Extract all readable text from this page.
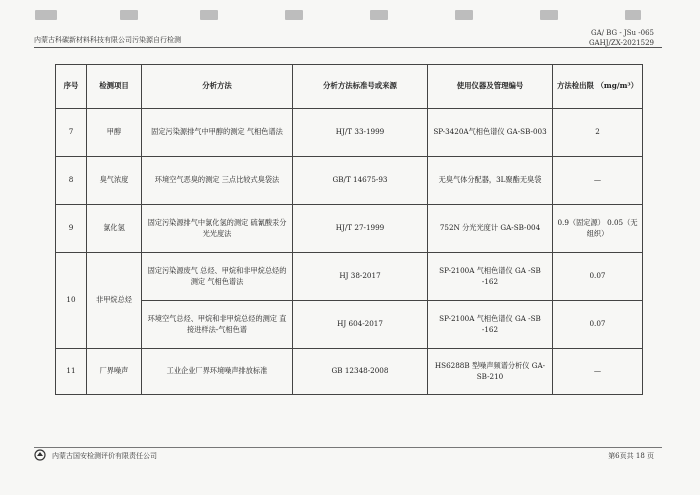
内蒙古科碳新材料科技有限公司污染源自行检测
GA/ BG - JSu -065
GAHJ/ZX-2021529
序号	检测项目	分析方法	分析方法标准号或来源	使用仪器及管理编号	方法检出限 （mg/m³）
7	甲醇	固定污染源排气中甲醇的测定 气相色谱法	HJ/T 33-1999	SP-3420A气相色谱仪 GA-SB-003	2
8	臭气浓度	环境空气恶臭的测定 三点比较式臭袋法	GB/T 14675-93	无臭气体分配器，3L聚酯无臭袋	—
9	氯化氢	固定污染源排气中氯化氢的测定 硫氰酸汞分光光度法	HJ/T 27-1999	752N 分光光度计 GA-SB-004	0.9（固定源） 0.05（无组织）
10	非甲烷总烃	固定污染源废气 总烃、甲烷和非甲烷总烃的测定 气相色谱法	HJ 38-2017	SP-2100A 气相色谱仪 GA -SB -162	0.07
		环境空气总烃、甲烷和非甲烷总烃的测定 直接进样法-气相色谱	HJ 604-2017	SP-2100A 气相色谱仪 GA -SB -162	0.07
11	厂界噪声	工业企业厂界环境噪声排放标准	GB 12348-2008	HS6288B 型噪声频谱分析仪 GA-SB-210	—
内蒙古国安检测评价有限责任公司	第6页共 18 页
